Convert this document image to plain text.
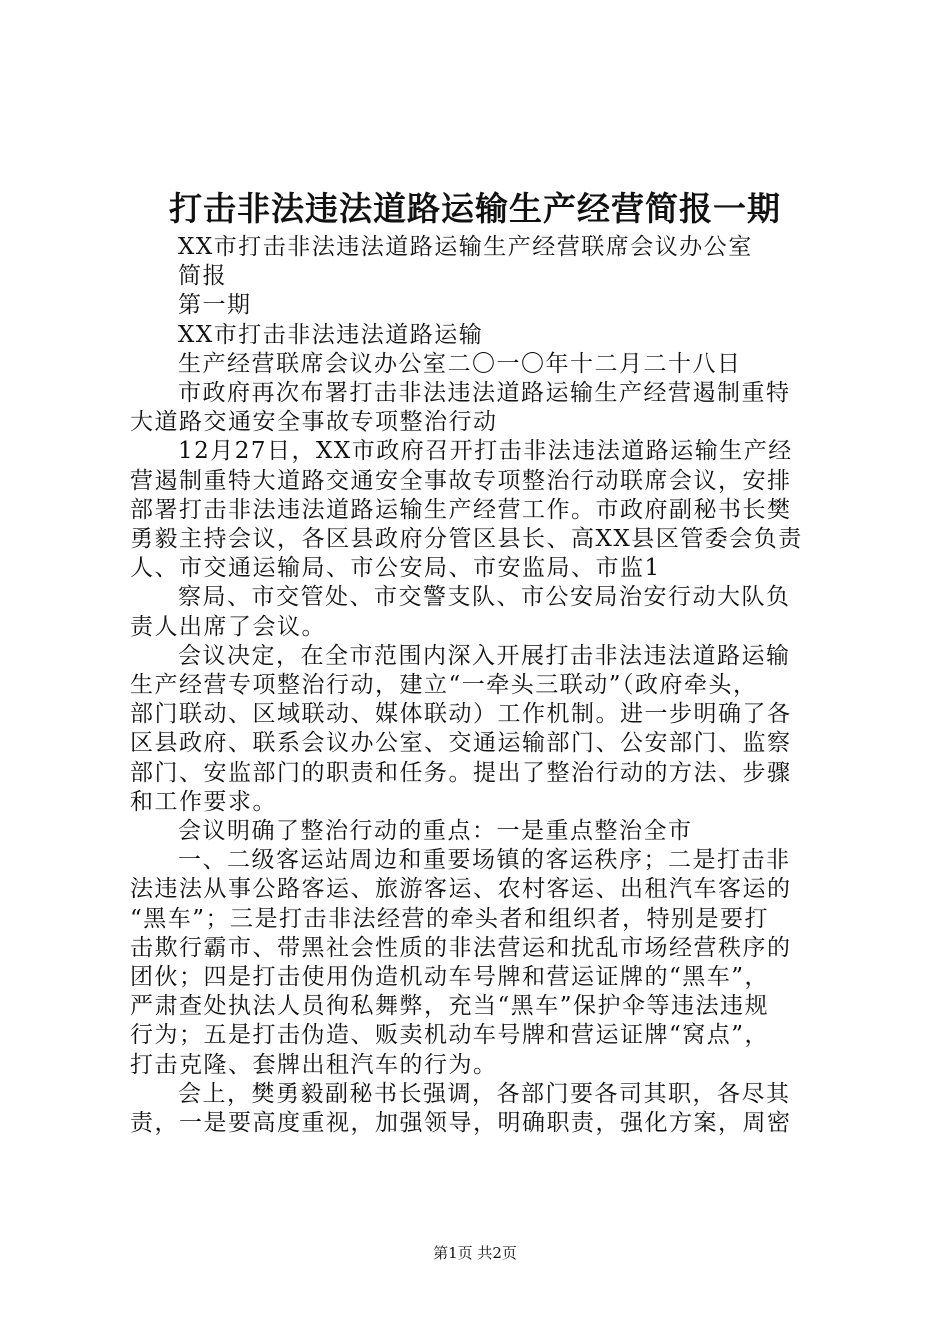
打击非法违法道路运输生产经营简报一期
XX市打击非法违法道路运输生产经营联席会议办公室
简报
第一期
XX市打击非法违法道路运输
生产经营联席会议办公室二〇一〇年十二月二十八日
市政府再次布署打击非法违法道路运输生产经营遏制重特
大道路交通安全事故专项整治行动
12月27日，XX市政府召开打击非法违法道路运输生产经
营遏制重特大道路交通安全事故专项整治行动联席会议，安排
部署打击非法违法道路运输生产经营工作。市政府副秘书长樊
勇毅主持会议，各区县政府分管区县长、高XX县区管委会负责
人、市交通运输局、市公安局、市安监局、市监1
察局、市交管处、市交警支队、市公安局治安行动大队负
责人出席了会议。
会议决定，在全市范围内深入开展打击非法违法道路运输
生产经营专项整治行动，建立“一牵头三联动”（政府牵头，
部门联动、区域联动、媒体联动）工作机制。进一步明确了各
区县政府、联系会议办公室、交通运输部门、公安部门、监察
部门、安监部门的职责和任务。提出了整治行动的方法、步骤
和工作要求。
会议明确了整治行动的重点：一是重点整治全市
一、二级客运站周边和重要场镇的客运秩序；二是打击非
法违法从事公路客运、旅游客运、农村客运、出租汽车客运的
“黑车”；三是打击非法经营的牵头者和组织者，特别是要打
击欺行霸市、带黑社会性质的非法营运和扰乱市场经营秩序的
团伙；四是打击使用伪造机动车号牌和营运证牌的“黑车”，
严肃查处执法人员徇私舞弊，充当“黑车”保护伞等违法违规
行为；五是打击伪造、贩卖机动车号牌和营运证牌“窝点”，
打击克隆、套牌出租汽车的行为。
会上，樊勇毅副秘书长强调，各部门要各司其职，各尽其
责，一是要高度重视，加强领导，明确职责，强化方案，周密
第1页 共2页
